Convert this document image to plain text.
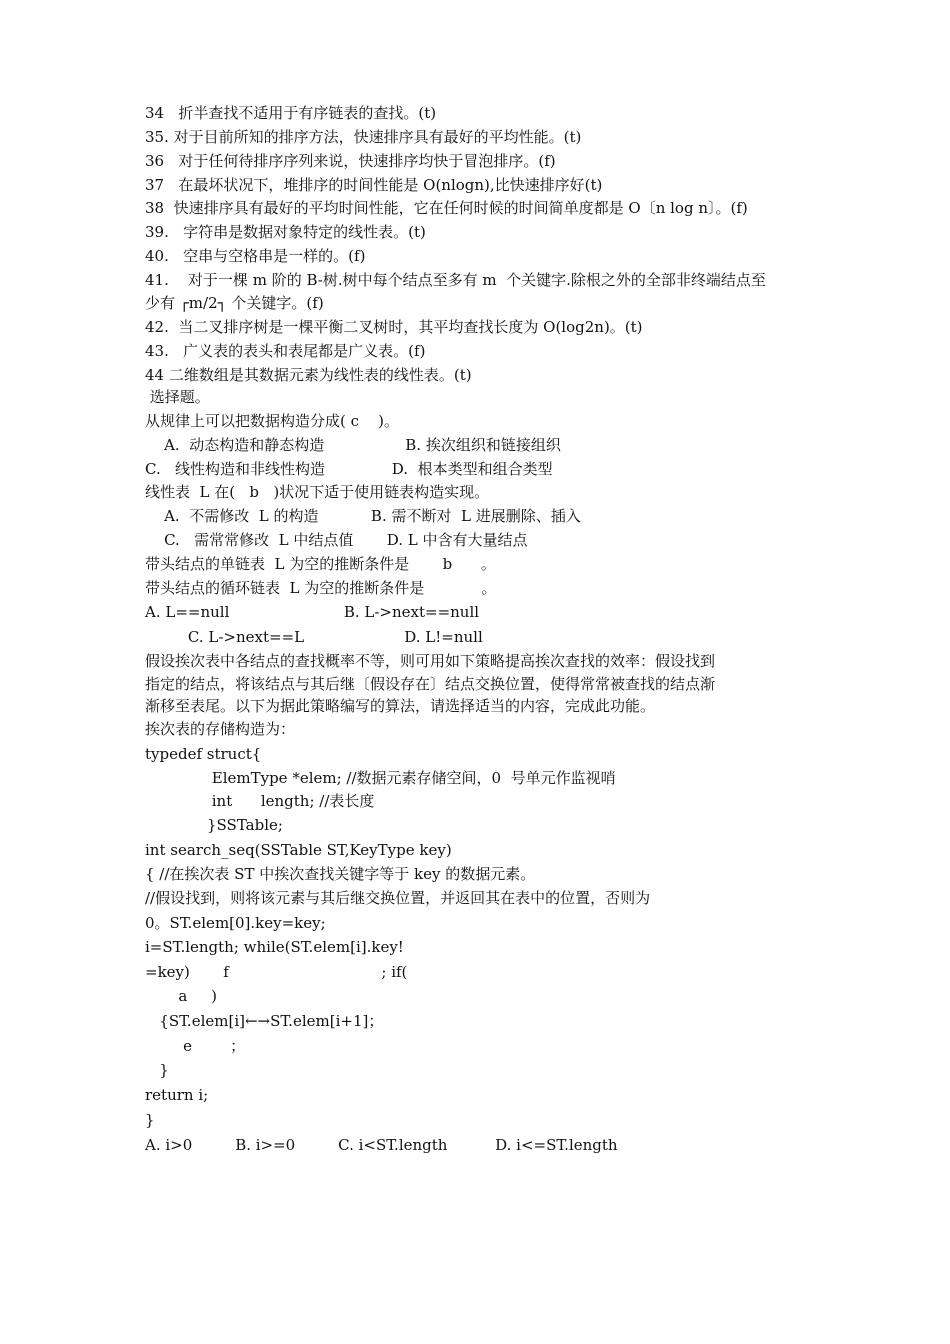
34   折半查找不适用于有序链表的查找。(t)

35. 对于目前所知的排序方法，快速排序具有最好的平均性能。(t)

36   对于任何待排序序列来说，快速排序均快于冒泡排序。(f)

37   在最坏状况下，堆排序的时间性能是 O(nlogn),比快速排序好(t)

38  快速排序具有最好的平均时间性能，它在任何时候的时间简单度都是 O〔n log n〕。(f)

39.   字符串是数据对象特定的线性表。(t)

40.   空串与空格串是一样的。(f)

41.    对于一棵 m 阶的 B-树.树中每个结点至多有 m  个关键字.除根之外的全部非终端结点至

少有 ┌m/2┐ 个关键字。(f)

42.  当二叉排序树是一棵平衡二叉树时，其平均查找长度为 O(log2n)。(t)

43.   广义表的表头和表尾都是广义表。(f)

44 二维数组是其数据元素为线性表的线性表。(t)

选择题。

从规律上可以把数据构造分成( c    )。

A.  动态构造和静态构造                 B. 挨次组织和链接组织

C.   线性构造和非线性构造              D.  根本类型和组合类型

线性表  L 在(   b   )状况下适于使用链表构造实现。

A.  不需修改  L 的构造           B. 需不断对  L 进展删除、插入

C.   需常常修改  L 中结点值       D. L 中含有大量结点

带头结点的单链表  L 为空的推断条件是       b      。

带头结点的循环链表  L 为空的推断条件是            。

A. L==null                        B. L->next==null

C. L->next==L                     D. L!=null

假设挨次表中各结点的查找概率不等，则可用如下策略提高挨次查找的效率：假设找到

指定的结点，将该结点与其后继〔假设存在〕结点交换位置，使得常常被查找的结点渐

渐移至表尾。以下为据此策略编写的算法，请选择适当的内容，完成此功能。

挨次表的存储构造为：

typedef struct{

ElemType *elem; //数据元素存储空间，0  号单元作监视哨

int      length; //表长度

}SSTable;

int search_seq(SSTable ST,KeyType key)

{ //在挨次表 ST 中挨次查找关键字等于 key 的数据元素。

//假设找到，则将该元素与其后继交换位置，并返回其在表中的位置，否则为

0。ST.elem[0].key=key;

i=ST.length; while(ST.elem[i].key!

=key)       f                                ; if(

a     )

{ST.elem[i]←→ST.elem[i+1]；

e        ；

}

return i;

}

A. i>0         B. i>=0         C. i<ST.length          D. i<=ST.length
